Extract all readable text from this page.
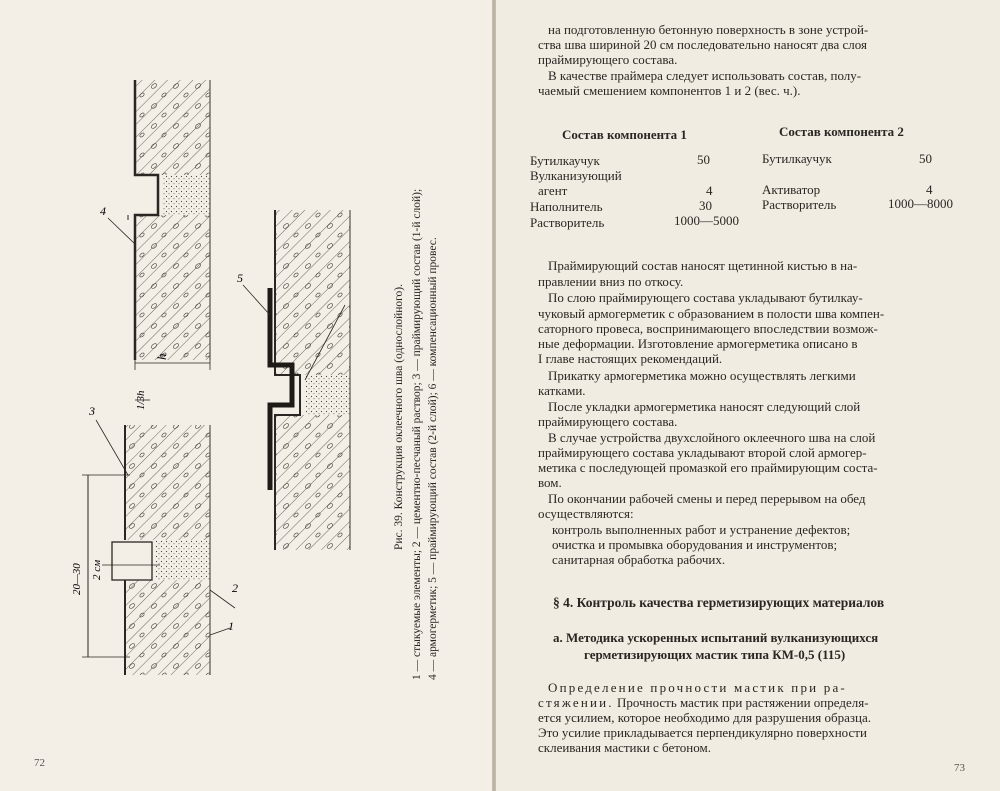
72
20—30 2 см
h
1/3h
4
3
5
2
1
Рис. 39. Конструкция оклеечного шва (однослойного). 1 — стыкуемые элементы; 2 — цементно-песчаный раствор; 3 — праймирующий состав (1-й слой); 4 — армогерметик; 5 — праймирующий состав (2-й слой); 6 — компенсационный провес.
73
на подготовленную бетонную поверхность в зоне устрой-
ства шва шириной 20 см последовательно наносят два слоя
праймирующего состава.
В качестве праймера следует использовать состав, полу-
чаемый смешением компонентов 1 и 2 (вес. ч.).
Состав компонента 1
Бутилкаучук	50
Вулканизующий
агент	4
Наполнитель	30
Растворитель	1000—5000
Состав компонента 2
Бутилкаучук	50
Активатор	4
Растворитель	1000—8000
Праймирующий состав наносят щетинной кистью в на-
правлении вниз по откосу.
По слою праймирующего состава укладывают бутилкау-
чуковый армогерметик с образованием в полости шва компен-
саторного провеса, воспринимающего впоследствии возмож-
ные деформации. Изготовление армогерметика описано в
I главе настоящих рекомендаций.
Прикатку армогерметика можно осуществлять легкими
катками.
После укладки армогерметика наносят следующий слой
праймирующего состава.
В случае устройства двухслойного оклеечного шва на слой
праймирующего состава укладывают второй слой армогер-
метика с последующей промазкой его праймирующим соста-
вом.
По окончании рабочей смены и перед перерывом на обед
осуществляются:
контроль выполненных работ и устранение дефектов;
очистка и промывка оборудования и инструментов;
санитарная обработка рабочих.
§ 4. Контроль качества герметизирующих материалов
а. Методика ускоренных испытаний вулканизующихся
герметизирующих мастик типа КМ-0,5 (115)
Определение прочности мастик при ра-
стяжении. Прочность мастик при растяжении определя-
ется усилием, которое необходимо для разрушения образца.
Это усилие прикладывается перпендикулярно поверхности
склеивания мастики с бетоном.
